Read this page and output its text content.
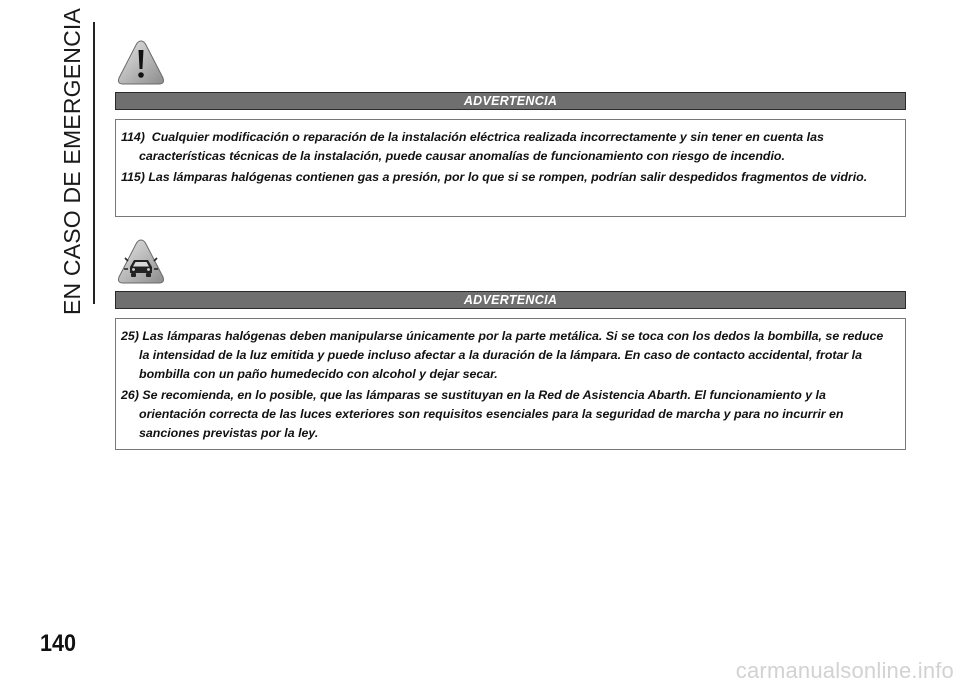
EN CASO DE EMERGENCIA	ADVERTENCIA

114)  Cualquier modificación o reparación de la instalación eléctrica realizada incorrectamente y sin tener en cuenta las características técnicas de la instalación, puede causar anomalías de funcionamiento con riesgo de incendio.

115) Las lámparas halógenas contienen gas a presión, por lo que si se rompen, podrían salir despedidos fragmentos de vidrio.

ADVERTENCIA

25) Las lámparas halógenas deben manipularse únicamente por la parte metálica. Si se toca con los dedos la bombilla, se reduce la intensidad de la luz emitida y puede incluso afectar a la duración de la lámpara. En caso de contacto accidental, frotar la bombilla con un paño humedecido con alcohol y dejar secar.

26) Se recomienda, en lo posible, que las lámparas se sustituyan en la Red de Asistencia Abarth. El funcionamiento y la orientación correcta de las luces exteriores son requisitos esenciales para la seguridad de marcha y para no incurrir en sanciones previstas por la ley.

140
carmanualsonline.info
